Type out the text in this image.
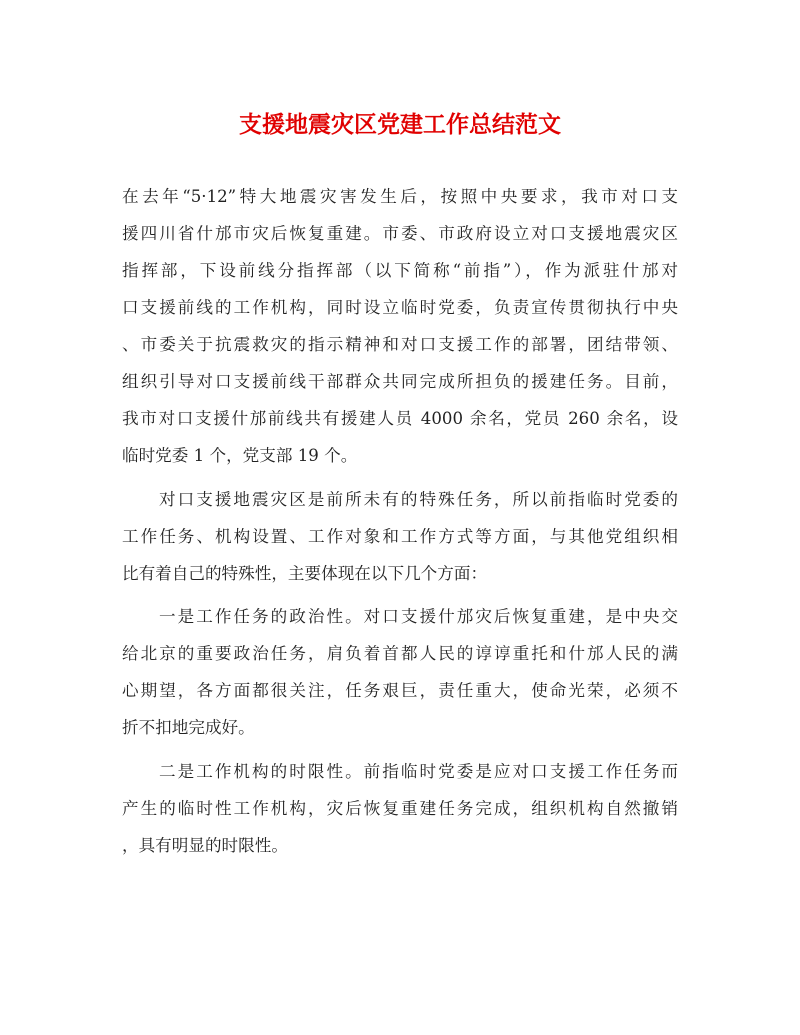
支援地震灾区党建工作总结范文

在去年“5·12”特大地震灾害发生后，按照中央要求，我市对口支
援四川省什邡市灾后恢复重建。市委、市政府设立对口支援地震灾区
指挥部，下设前线分指挥部（以下简称“前指”），作为派驻什邡对
口支援前线的工作机构，同时设立临时党委，负责宣传贯彻执行中央
、市委关于抗震救灾的指示精神和对口支援工作的部署，团结带领、
组织引导对口支援前线干部群众共同完成所担负的援建任务。目前，
我市对口支援什邡前线共有援建人员 4000 余名，党员 260 余名，设
临时党委 1 个，党支部 19 个。

对口支援地震灾区是前所未有的特殊任务，所以前指临时党委的
工作任务、机构设置、工作对象和工作方式等方面，与其他党组织相
比有着自己的特殊性，主要体现在以下几个方面：

一是工作任务的政治性。对口支援什邡灾后恢复重建，是中央交
给北京的重要政治任务，肩负着首都人民的谆谆重托和什邡人民的满
心期望，各方面都很关注，任务艰巨，责任重大，使命光荣，必须不
折不扣地完成好。

二是工作机构的时限性。前指临时党委是应对口支援工作任务而
产生的临时性工作机构，灾后恢复重建任务完成，组织机构自然撤销
，具有明显的时限性。
